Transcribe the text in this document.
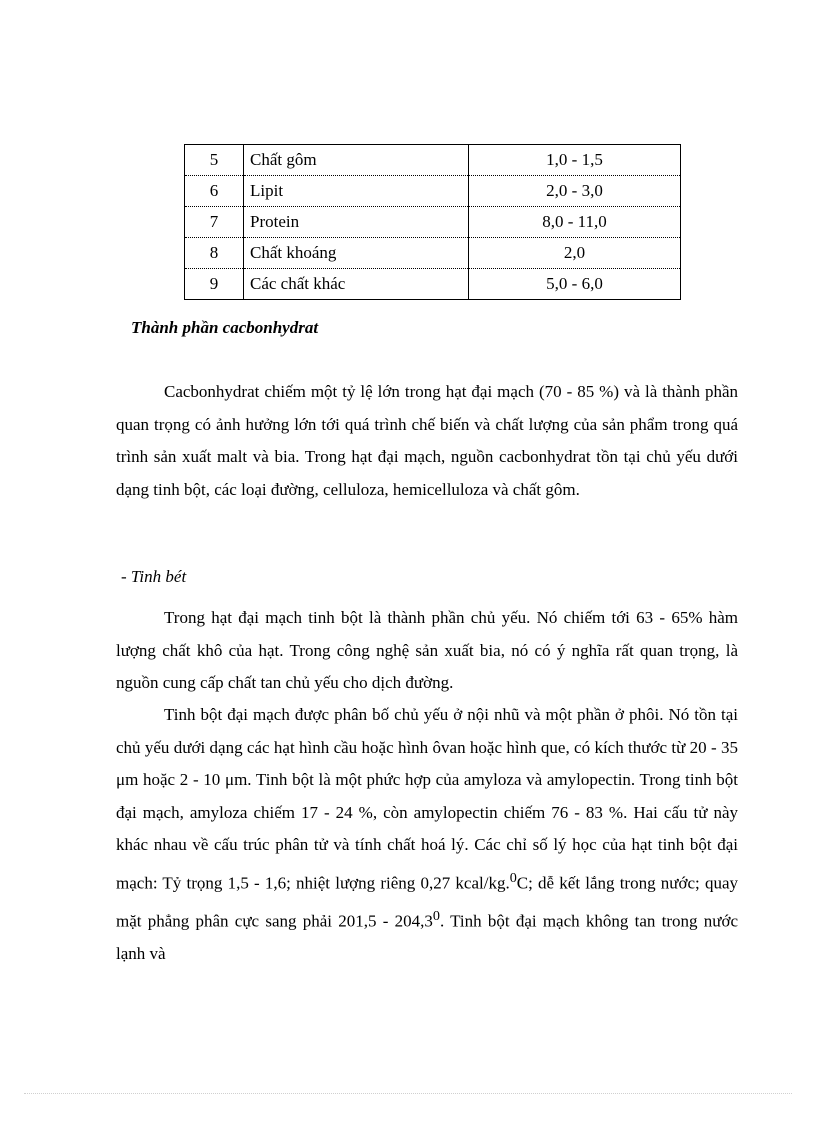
5	Chất gôm	1,0 - 1,5
6	Lipit	2,0 - 3,0
7	Protein	8,0 - 11,0
8	Chất khoáng	2,0
9	Các chất khác	5,0 - 6,0
Thành phần cacbonhydrat

Cacbonhydrat chiếm một tỷ lệ lớn trong hạt đại mạch (70 - 85 %) và là thành phần quan trọng có ảnh hưởng lớn tới quá trình chế biến và chất lượng của sản phẩm trong quá trình sản xuất malt và bia. Trong hạt đại mạch, nguồn cacbonhydrat tồn tại chủ yếu dưới dạng tinh bột, các loại đường, celluloza, hemicelluloza và chất gôm.

- Tinh bét

Trong hạt đại mạch tinh bột là thành phần chủ yếu. Nó chiếm tới 63 - 65% hàm lượng chất khô của hạt. Trong công nghệ sản xuất bia, nó có ý nghĩa rất quan trọng, là nguồn cung cấp chất tan chủ yếu cho dịch đường.

Tinh bột đại mạch được phân bố chủ yếu ở nội nhũ và một phần ở phôi. Nó tồn tại chủ yếu dưới dạng các hạt hình cầu hoặc hình ôvan hoặc hình que, có kích thước từ 20 - 35 μm hoặc 2 - 10 μm. Tinh bột là một phức hợp của amyloza và amylopectin. Trong tinh bột đại mạch, amyloza chiếm 17 - 24 %, còn amylopectin chiếm 76 - 83 %. Hai cấu tử này khác nhau về cấu trúc phân tử và tính chất hoá lý. Các chỉ số lý học của hạt tinh bột đại mạch: Tỷ trọng 1,5 - 1,6; nhiệt lượng riêng 0,27 kcal/kg.$^0$C; dễ kết lắng trong nước; quay mặt phẳng phân cực sang phải 201,5 - 204,3$^0$. Tinh bột đại mạch không tan trong nước lạnh và
